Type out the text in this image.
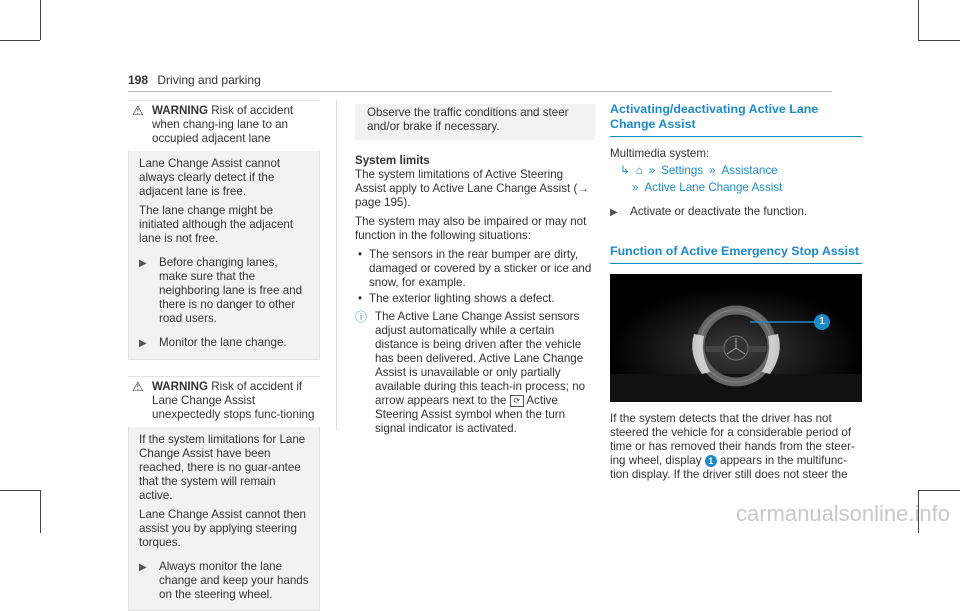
198 Driving and parking
⚠ WARNING Risk of accident when chang-ing lane to an occupied adjacent lane

Lane Change Assist cannot always clearly detect if the adjacent lane is free.

The lane change might be initiated although the adjacent lane is not free.

▶	Before changing lanes, make sure that the neighboring lane is free and there is no danger to other road users.
▶	Monitor the lane change.
⚠ WARNING Risk of accident if Lane Change Assist unexpectedly stops func-tioning

If the system limitations for Lane Change Assist have been reached, there is no guar-antee that the system will remain active.

Lane Change Assist cannot then assist you by applying steering torques.

▶	Always monitor the lane change and keep your hands on the steering wheel.

Observe the traffic conditions and steer and/or brake if necessary.

System limits

The system limitations of Active Steering Assist apply to Active Lane Change Assist (→ page 195).

The system may also be impaired or may not function in the following situations:

• The sensors in the rear bumper are dirty, damaged or covered by a sticker or ice and snow, for example.
• The exterior lighting shows a defect.
ⓘ The Active Lane Change Assist sensors adjust automatically while a certain distance is being driven after the vehicle has been delivered. Active Lane Change Assist is unavailable or only partially available during this teach-in process; no arrow appears next to the ⟳ Active Steering Assist symbol when the turn signal indicator is activated.
Activating/deactivating Active Lane Change Assist

Multimedia system:

↳ ⌂ » Settings » Assistance
» Active Lane Change Assist
▶	Activate or deactivate the function.
Function of Active Emergency Stop Assist
1

If the system detects that the driver has not steered the vehicle for a considerable period of time or has removed their hands from the steer-ing wheel, display 1 appears in the multifunc-tion display. If the driver still does not steer the

carmanualsonline.info
